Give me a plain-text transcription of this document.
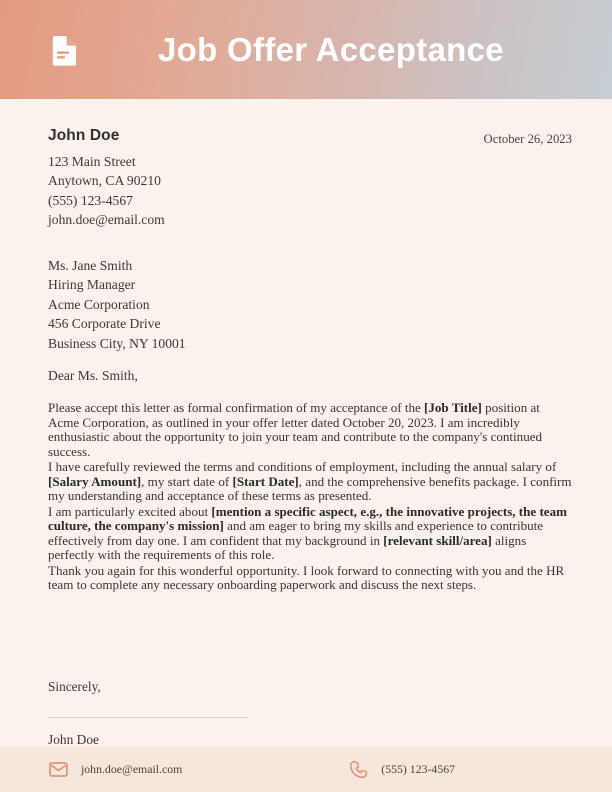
Job Offer Acceptance
John Doe
123 Main Street
Anytown, CA 90210
(555) 123-4567
john.doe@email.com
October 26, 2023
Ms. Jane Smith
Hiring Manager
Acme Corporation
456 Corporate Drive
Business City, NY 10001
Dear Ms. Smith,

Please accept this letter as formal confirmation of my acceptance of the [Job Title] position at Acme Corporation, as outlined in your offer letter dated October 20, 2023. I am incredibly enthusiastic about the opportunity to join your team and contribute to the company's continued success.

I have carefully reviewed the terms and conditions of employment, including the annual salary of [Salary Amount], my start date of [Start Date], and the comprehensive benefits package. I confirm my understanding and acceptance of these terms as presented.

I am particularly excited about [mention a specific aspect, e.g., the innovative projects, the team culture, the company's mission] and am eager to bring my skills and experience to contribute effectively from day one. I am confident that my background in [relevant skill/area] aligns perfectly with the requirements of this role.

Thank you again for this wonderful opportunity. I look forward to connecting with you and the HR team to complete any necessary onboarding paperwork and discuss the next steps.

Sincerely,
John Doe
john.doe@email.com	(555) 123-4567
